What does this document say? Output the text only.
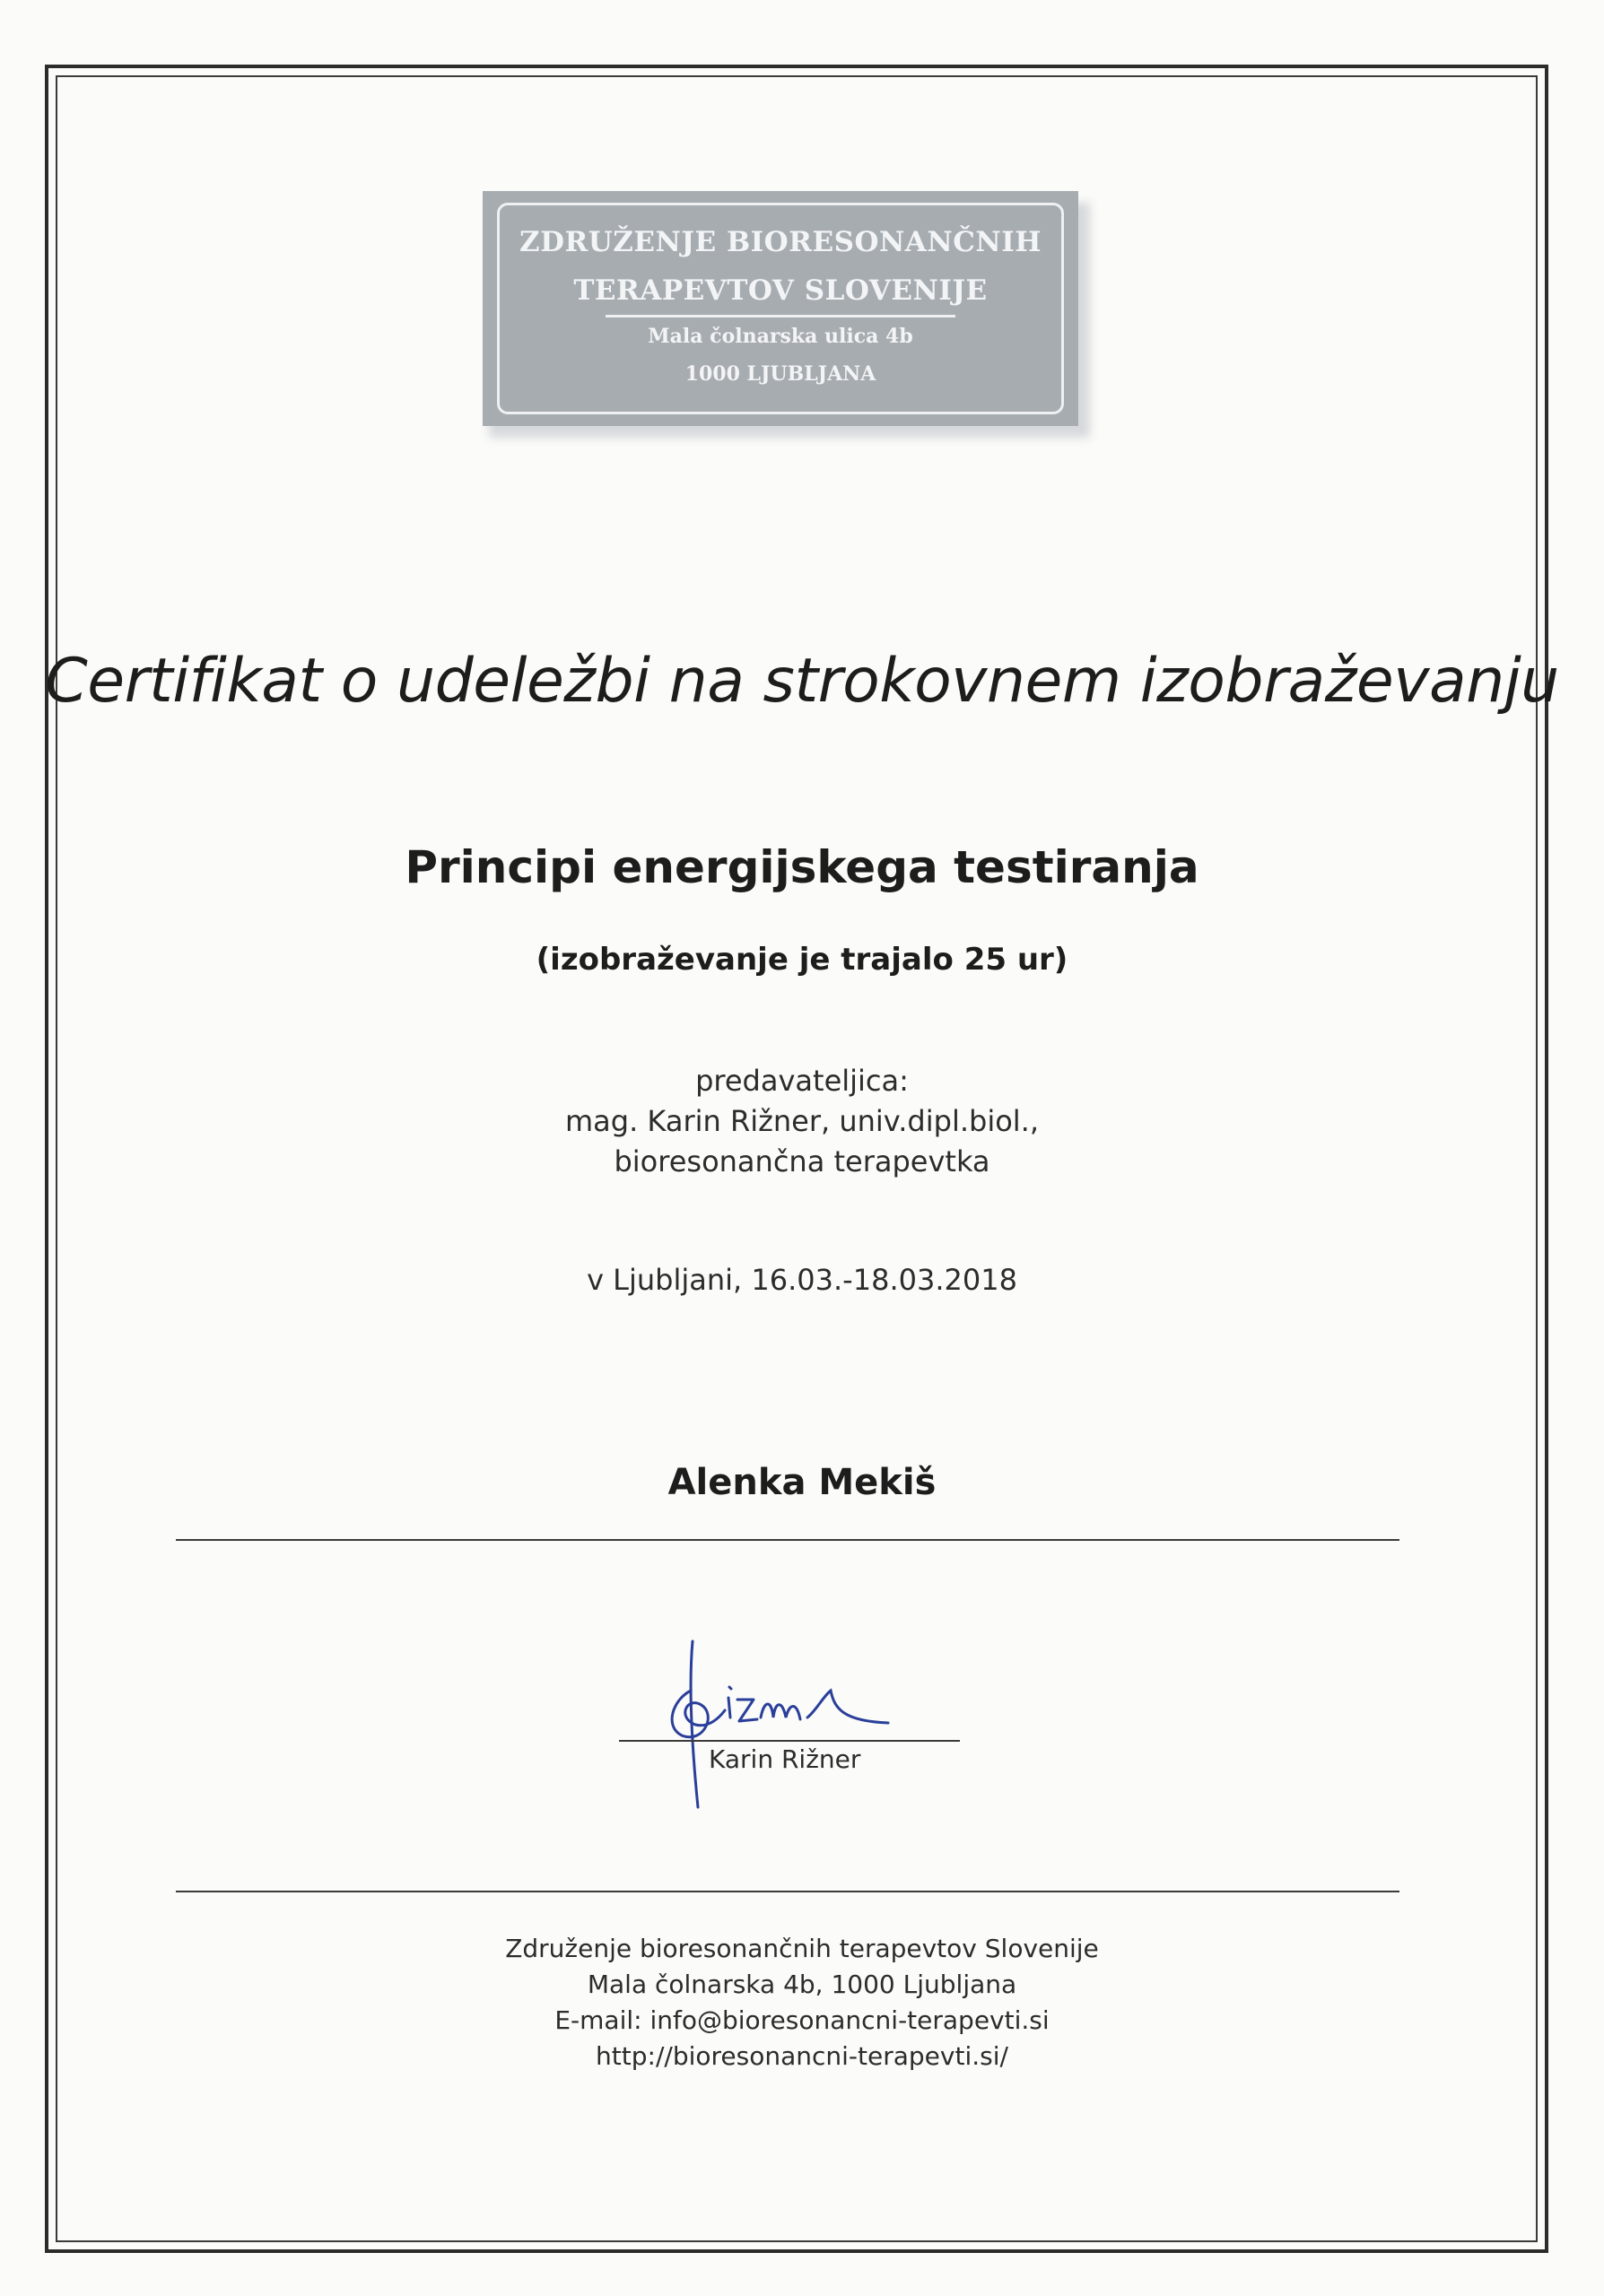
ZDRUŽENJE BIORESONANČNIH
TERAPEVTOV SLOVENIJE
Mala čolnarska ulica 4b
1000 LJUBLJANA
Certifikat o udeležbi na strokovnem izobraževanju
Principi energijskega testiranja
(izobraževanje je trajalo 25 ur)
predavateljica:
mag. Karin Rižner, univ.dipl.biol.,
bioresonančna terapevtka
v Ljubljani, 16.03.-18.03.2018
Alenka Mekiš
Karin Rižner
Združenje bioresonančnih terapevtov Slovenije
Mala čolnarska 4b, 1000 Ljubljana
E-mail: info@bioresonancni-terapevti.si
http://bioresonancni-terapevti.si/
